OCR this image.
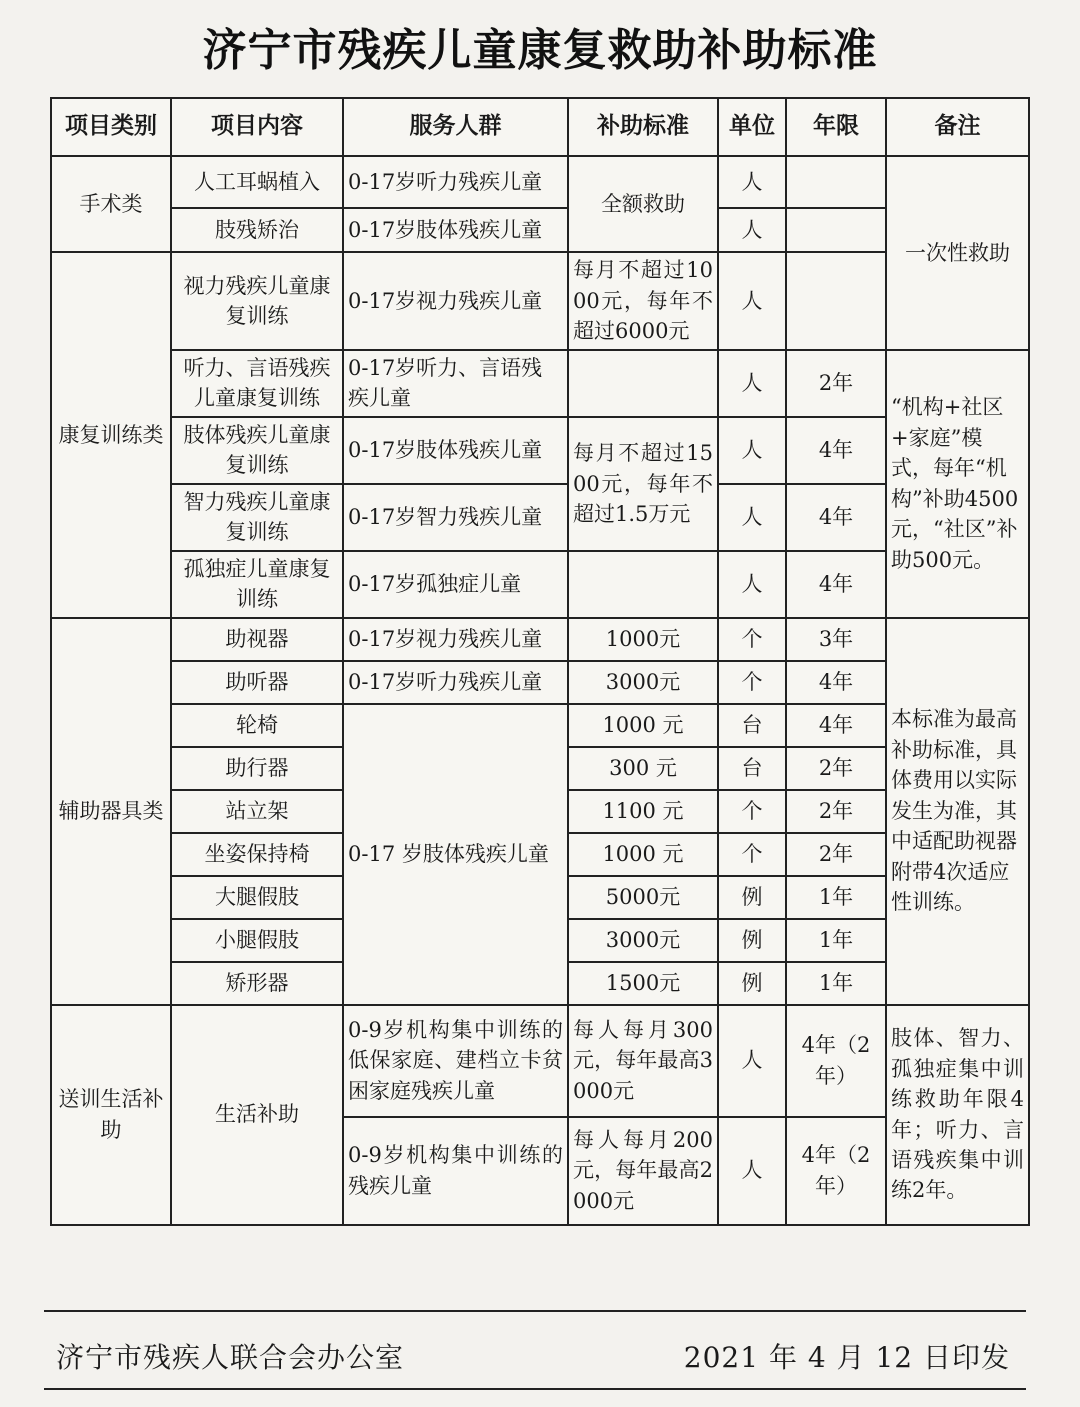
济宁市残疾儿童康复救助补助标准
项目类别	项目内容	服务人群	补助标准	单位	年限	备注
手术类	人工耳蜗植入	0-17岁听力残疾儿童	全额救助	人		一次性救助
	肢残矫治	0-17岁肢体残疾儿童		人		
康复训练类	视力残疾儿童康复训练	0-17岁视力残疾儿童	每月不超过1000元，每年不超过6000元	人		
	听力、言语残疾儿童康复训练	0-17岁听力、言语残疾儿童		人	2年	“机构+社区+家庭”模式，每年“机构”补助4500元，“社区”补助500元。
	肢体残疾儿童康复训练	0-17岁肢体残疾儿童	每月不超过1500元，每年不超过1.5万元	人	4年	
	智力残疾儿童康复训练	0-17岁智力残疾儿童		人	4年	
	孤独症儿童康复训练	0-17岁孤独症儿童		人	4年	
辅助器具类	助视器	0-17岁视力残疾儿童	1000元	个	3年	本标准为最高补助标准，具体费用以实际发生为准，其中适配助视器附带4次适应性训练。
	助听器	0-17岁听力残疾儿童	3000元	个	4年	
	轮椅	0-17 岁肢体残疾儿童	1000 元	台	4年	
	助行器		300 元	台	2年	
	站立架		1100 元	个	2年	
	坐姿保持椅		1000 元	个	2年	
	大腿假肢		5000元	例	1年	
	小腿假肢		3000元	例	1年	
	矫形器		1500元	例	1年	
送训生活补助	生活补助	0-9岁机构集中训练的低保家庭、建档立卡贫困家庭残疾儿童	每人每月300元，每年最高3000元	人	4年（2年）	肢体、智力、孤独症集中训练救助年限4年；听力、言语残疾集中训练2年。
		0-9岁机构集中训练的残疾儿童	每人每月200元，每年最高2000元	人	4年（2年）	
济宁市残疾人联合会办公室	2021 年 4 月 12 日印发
